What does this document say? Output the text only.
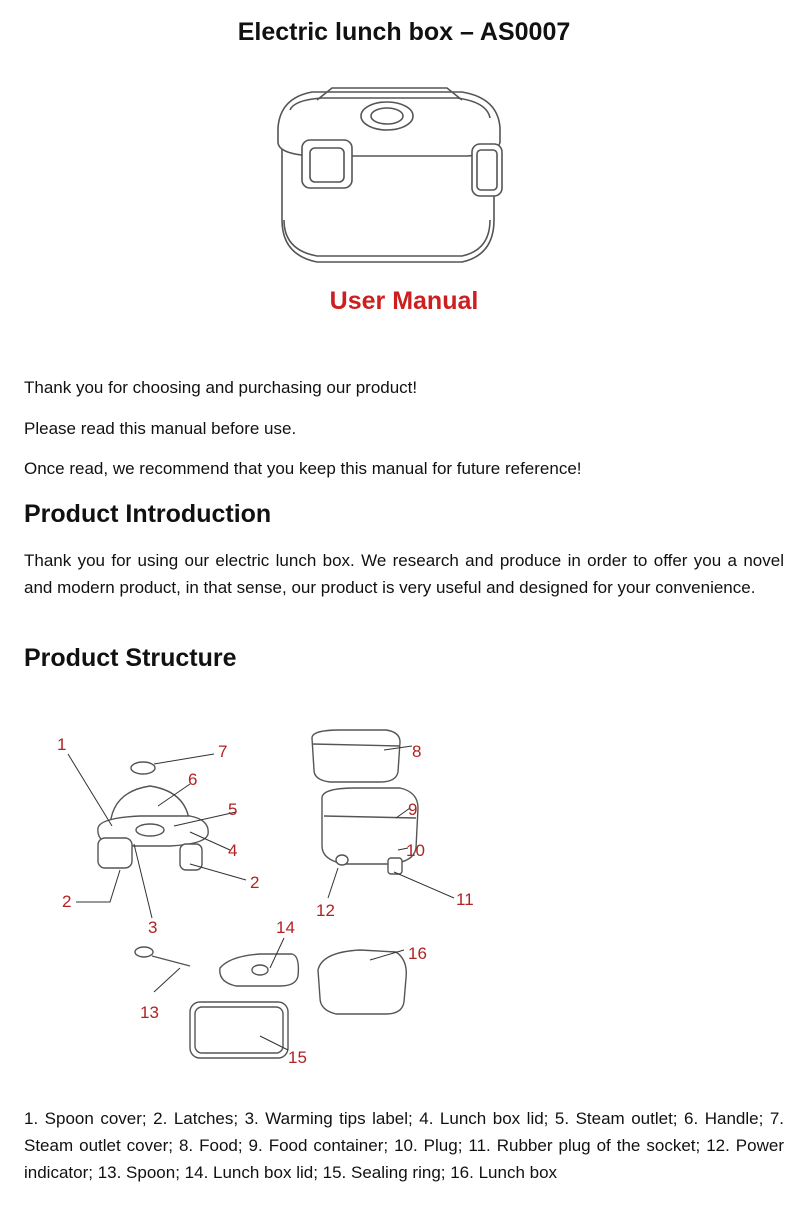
Electric lunch box – AS0007
User Manual

Thank you for choosing and purchasing our product!

Please read this manual before use.

Once read, we recommend that you keep this manual for future reference!

Product Introduction

Thank you for using our electric lunch box. We research and produce in order to offer you a novel and modern product, in that sense, our product is very useful and designed for your convenience.

Product Structure
1
2
2
3
4
5
6
7	8
9
10
11
12
13
14
15
16

1. Spoon cover; 2. Latches; 3. Warming tips label; 4. Lunch box lid; 5. Steam outlet; 6. Handle; 7. Steam outlet cover; 8. Food; 9. Food container; 10. Plug; 11. Rubber plug of the socket; 12. Power indicator; 13. Spoon; 14. Lunch box lid; 15. Sealing ring; 16. Lunch box
